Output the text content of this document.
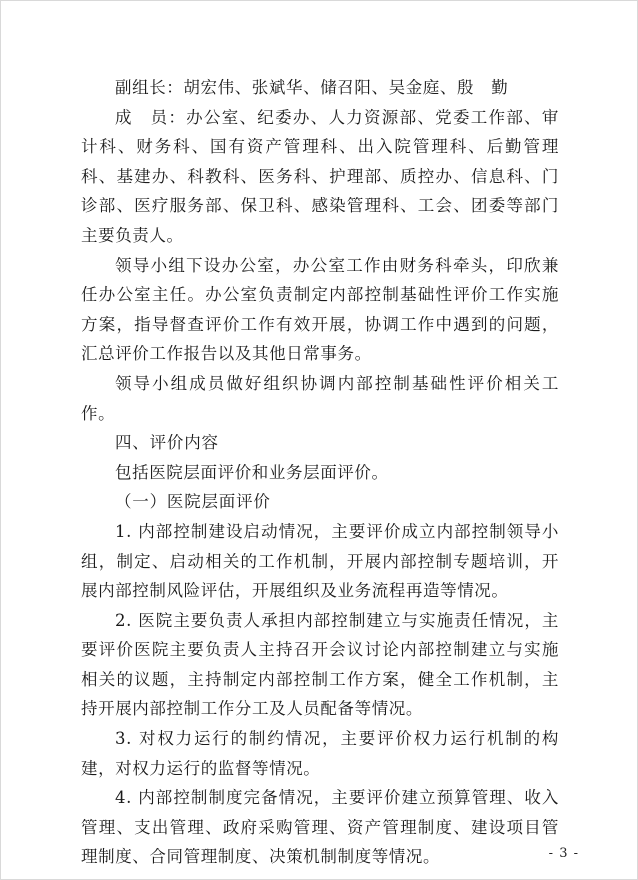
副组长：胡宏伟、张斌华、储召阳、吴金庭、殷　勤

成　员：办公室、纪委办、人力资源部、党委工作部、审计科、财务科、国有资产管理科、出入院管理科、后勤管理科、基建办、科教科、医务科、护理部、质控办、信息科、门诊部、医疗服务部、保卫科、感染管理科、工会、团委等部门主要负责人。

领导小组下设办公室，办公室工作由财务科牵头，印欣兼任办公室主任。办公室负责制定内部控制基础性评价工作实施方案，指导督查评价工作有效开展，协调工作中遇到的问题，汇总评价工作报告以及其他日常事务。

领导小组成员做好组织协调内部控制基础性评价相关工作。

四、评价内容

包括医院层面评价和业务层面评价。

（一）医院层面评价

1. 内部控制建设启动情况，主要评价成立内部控制领导小组，制定、启动相关的工作机制，开展内部控制专题培训，开展内部控制风险评估，开展组织及业务流程再造等情况。

2. 医院主要负责人承担内部控制建立与实施责任情况，主要评价医院主要负责人主持召开会议讨论内部控制建立与实施相关的议题，主持制定内部控制工作方案，健全工作机制，主持开展内部控制工作分工及人员配备等情况。

3. 对权力运行的制约情况，主要评价权力运行机制的构建，对权力运行的监督等情况。

4. 内部控制制度完备情况，主要评价建立预算管理、收入管理、支出管理、政府采购管理、资产管理制度、建设项目管理制度、合同管理制度、决策机制制度等情况。	- 3 -
